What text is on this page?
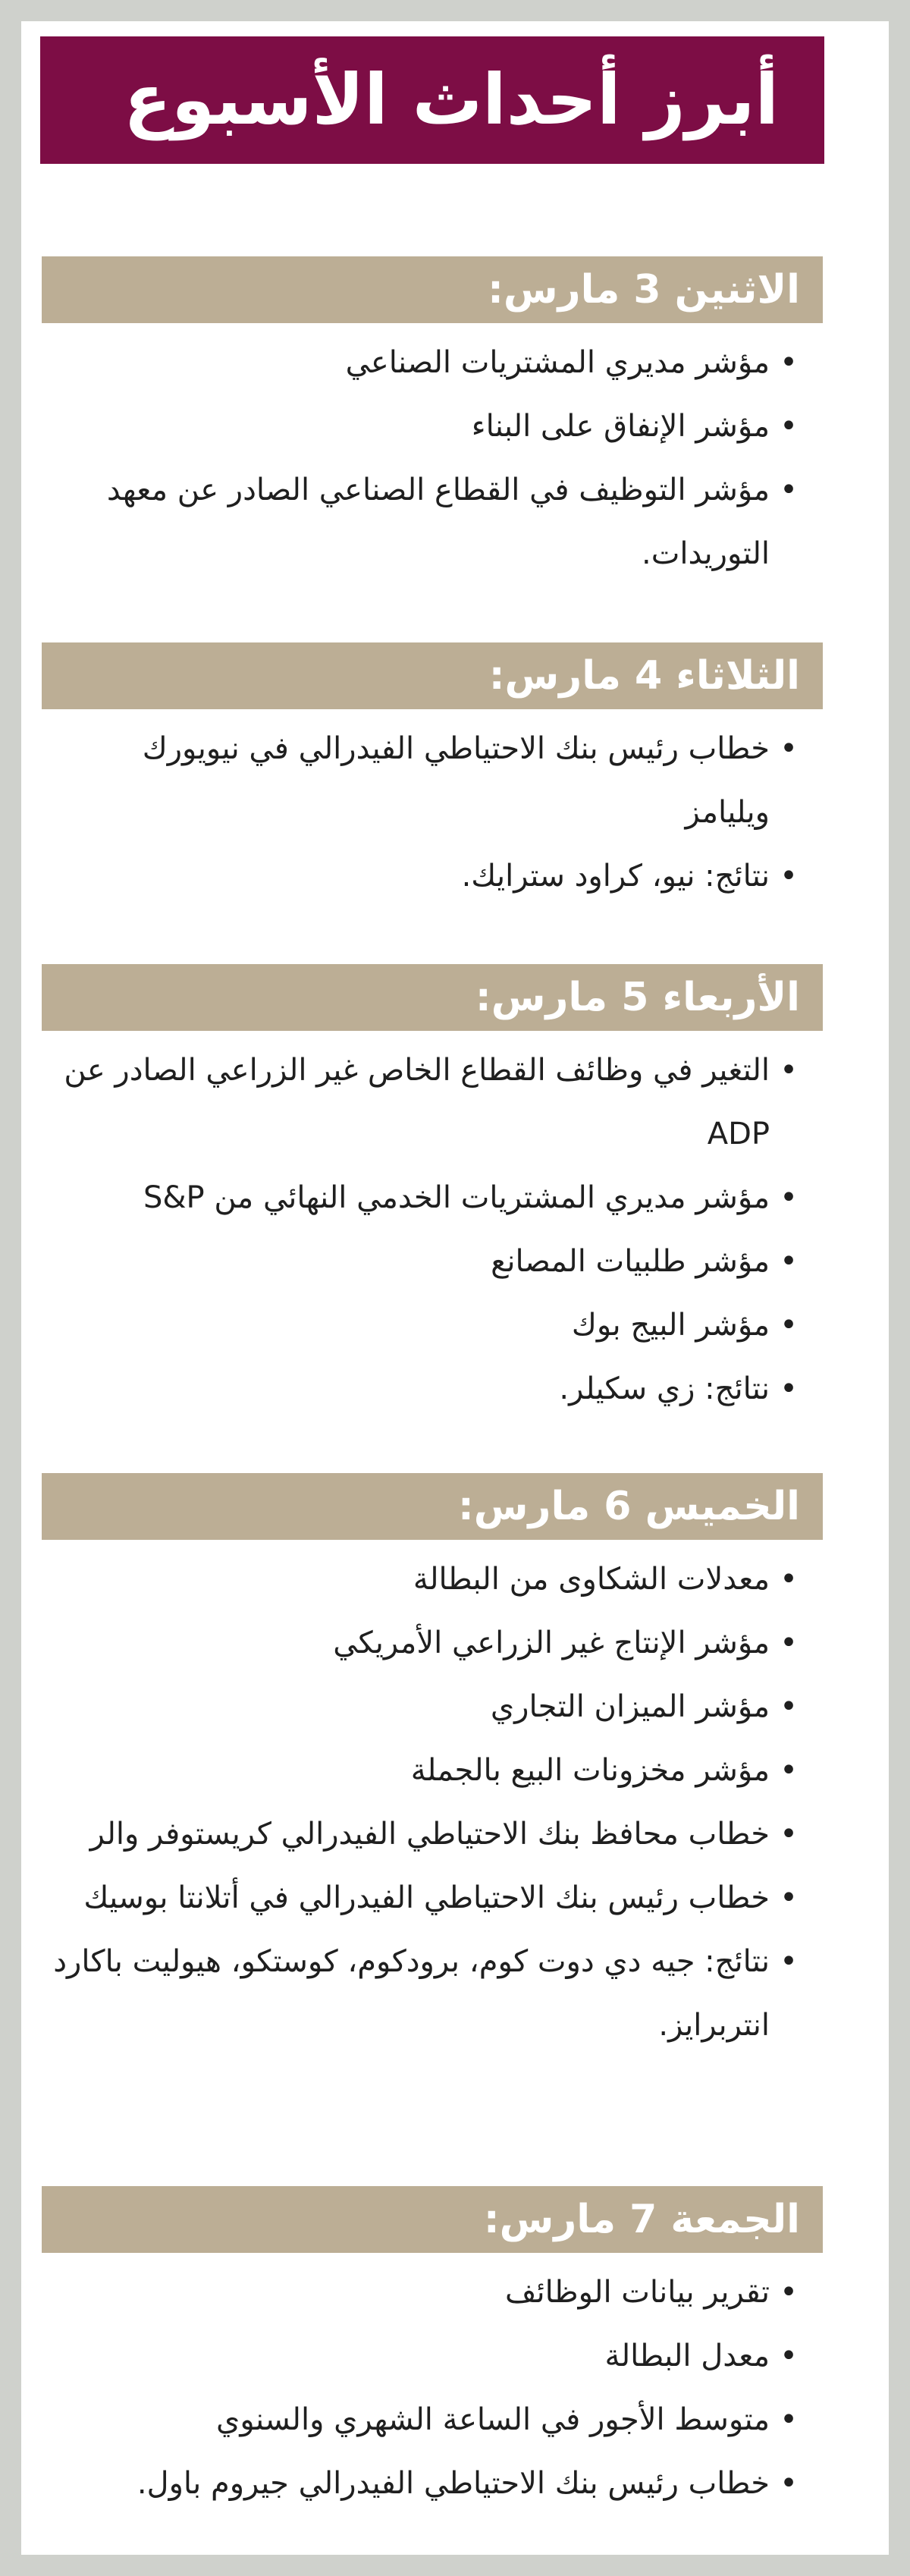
أبرز أحداث الأسبوع
الاثنين 3 مارس:
•
مؤشر مديري المشتريات الصناعي
•
مؤشر الإنفاق على البناء
•
مؤشر التوظيف في القطاع الصناعي الصادر عن معهد التوريدات.
الثلاثاء 4 مارس:
•
خطاب رئيس بنك الاحتياطي الفيدرالي في نيويورك ويليامز
•
نتائج: نيو، كراود سترايك.
الأربعاء 5 مارس:
•
التغير في وظائف القطاع الخاص غير الزراعي الصادر عن ADP
•
مؤشر مديري المشتريات الخدمي النهائي من S&P
•
مؤشر طلبيات المصانع
•
مؤشر البيج بوك
•
نتائج: زي سكيلر.
الخميس 6 مارس:
•
معدلات الشكاوى من البطالة
•
مؤشر الإنتاج غير الزراعي الأمريكي
•
مؤشر الميزان التجاري
•
مؤشر مخزونات البيع بالجملة
•
خطاب محافظ بنك الاحتياطي الفيدرالي كريستوفر والر
•
خطاب رئيس بنك الاحتياطي الفيدرالي في أتلانتا بوسيك
•
نتائج: جيه دي دوت كوم، برودكوم، كوستكو، هيوليت باكارد انتربرايز.
الجمعة 7 مارس:
•
تقرير بيانات الوظائف
•
معدل البطالة
•
متوسط الأجور في الساعة الشهري والسنوي
•
خطاب رئيس بنك الاحتياطي الفيدرالي جيروم باول.
